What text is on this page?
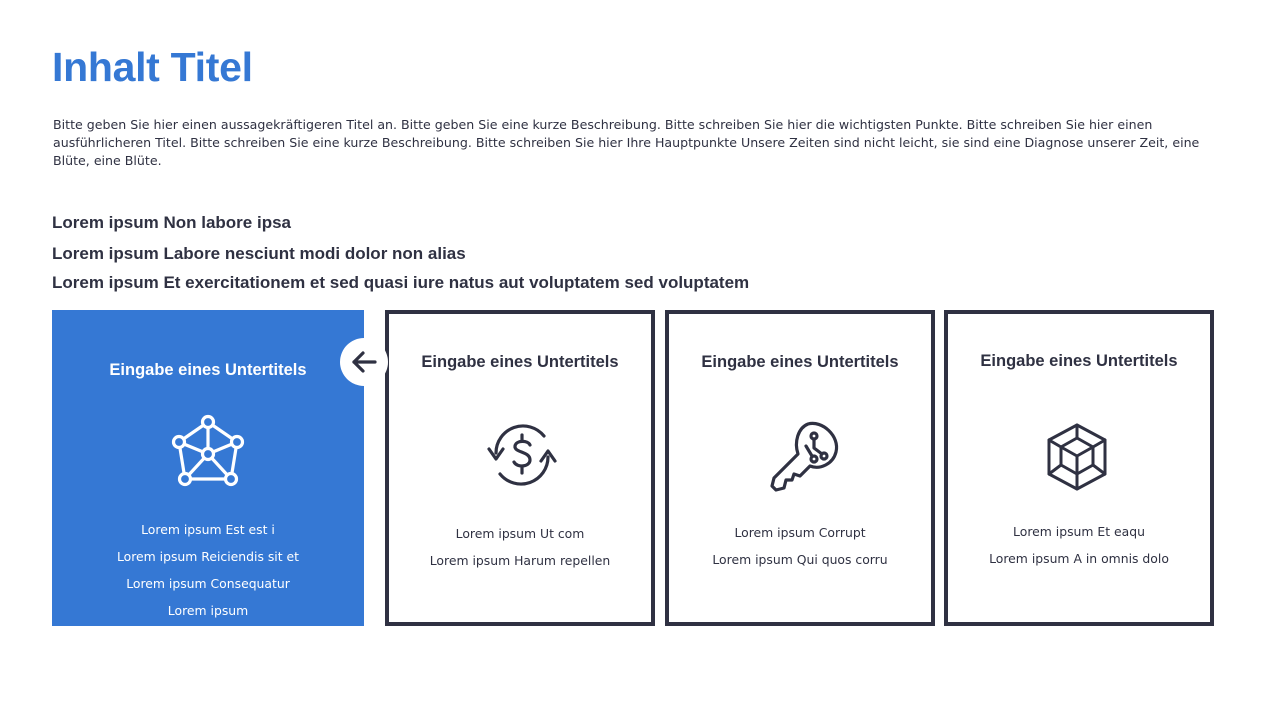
Inhalt Titel

Bitte geben Sie hier einen aussagekräftigeren Titel an. Bitte geben Sie eine kurze Beschreibung. Bitte schreiben Sie hier die wichtigsten Punkte. Bitte schreiben Sie hier einen ausführlicheren Titel. Bitte schreiben Sie eine kurze Beschreibung. Bitte schreiben Sie hier Ihre Hauptpunkte Unsere Zeiten sind nicht leicht, sie sind eine Diagnose unserer Zeit, eine Blüte, eine Blüte.

Lorem ipsum Non labore ipsa

Lorem ipsum Labore nesciunt modi dolor non alias

Lorem ipsum Et exercitationem et sed quasi iure natus aut voluptatem sed voluptatem

Eingabe eines Untertitels

Lorem ipsum Est est i
Lorem ipsum Reiciendis sit et
Lorem ipsum Consequatur
Lorem ipsum

Eingabe eines Untertitels

Lorem ipsum Ut com
Lorem ipsum Harum repellen

Eingabe eines Untertitels

Lorem ipsum Corrupt
Lorem ipsum Qui quos corru

Eingabe eines Untertitels

Lorem ipsum Et eaqu
Lorem ipsum A in omnis dolo
